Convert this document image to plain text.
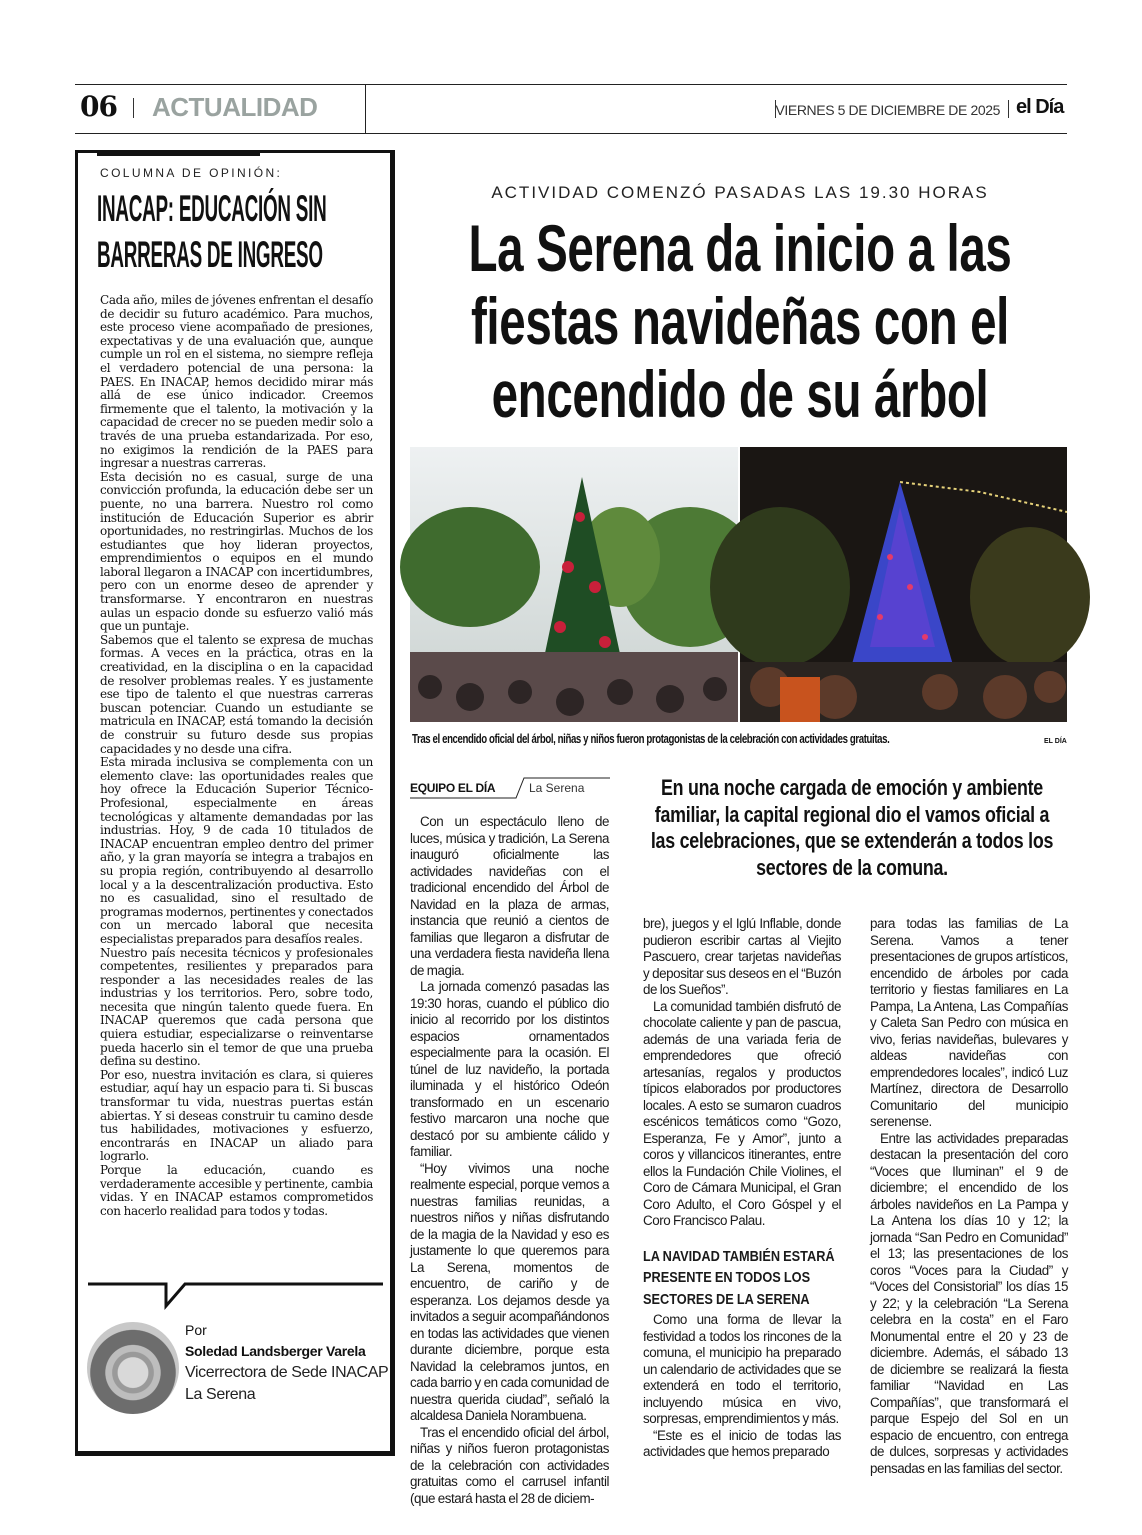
06 ACTUALIDAD	VIERNES 5 DE DICIEMBRE DE 2025 el Día
COLUMNA DE OPINIÓN:
INACAP: EDUCACIÓN SIN BARRERAS DE INGRESO

Cada año, miles de jóvenes enfrentan el desafío de decidir su futuro académico. Para muchos, este proceso viene acompañado de presiones, expectativas y de una evaluación que, aunque cumple un rol en el sistema, no siempre refleja el verdadero potencial de una persona: la PAES. En INACAP, hemos decidido mirar más allá de ese único indicador. Creemos firmemente que el talento, la motivación y la capacidad de crecer no se pueden medir solo a través de una prueba estandarizada. Por eso, no exigimos la rendición de la PAES para ingresar a nuestras carreras.

Esta decisión no es casual, surge de una convicción profunda, la educación debe ser un puente, no una barrera. Nuestro rol como institución de Educación Superior es abrir oportunidades, no restringirlas. Muchos de los estudiantes que hoy lideran proyectos, emprendimientos o equipos en el mundo laboral llegaron a INACAP con incertidumbres, pero con un enorme deseo de aprender y transformarse. Y encontraron en nuestras aulas un espacio donde su esfuerzo valió más que un puntaje.

Sabemos que el talento se expresa de muchas formas. A veces en la práctica, otras en la creatividad, en la disciplina o en la capacidad de resolver problemas reales. Y es justamente ese tipo de talento el que nuestras carreras buscan potenciar. Cuando un estudiante se matricula en INACAP, está tomando la decisión de construir su futuro desde sus propias capacidades y no desde una cifra.

Esta mirada inclusiva se complementa con un elemento clave: las oportunidades reales que hoy ofrece la Educación Superior Técnico-Profesional, especialmente en áreas tecnológicas y altamente demandadas por las industrias. Hoy, 9 de cada 10 titulados de INACAP encuentran empleo dentro del primer año, y la gran mayoría se integra a trabajos en su propia región, contribuyendo al desarrollo local y a la descentralización productiva. Esto no es casualidad, sino el resultado de programas modernos, pertinentes y conectados con un mercado laboral que necesita especialistas preparados para desafíos reales.

Nuestro país necesita técnicos y profesionales competentes, resilientes y preparados para responder a las necesidades reales de las industrias y los territorios. Pero, sobre todo, necesita que ningún talento quede fuera. En INACAP queremos que cada persona que quiera estudiar, especializarse o reinventarse pueda hacerlo sin el temor de que una prueba defina su destino.

Por eso, nuestra invitación es clara, si quieres estudiar, aquí hay un espacio para ti. Si buscas transformar tu vida, nuestras puertas están abiertas. Y si deseas construir tu camino desde tus habilidades, motivaciones y esfuerzo, encontrarás en INACAP un aliado para lograrlo.

Porque la educación, cuando es verdaderamente accesible y pertinente, cambia vidas. Y en INACAP estamos comprometidos con hacerlo realidad para todos y todas.

Por
Soledad Landsberger Varela
Vicerrectora de Sede INACAP La Serena
ACTIVIDAD COMENZÓ PASADAS LAS 19.30 HORAS
La Serena da inicio a las fiestas navideñas con el encendido de su árbol
Tras el encendido oficial del árbol, niñas y niños fueron protagonistas de la celebración con actividades gratuitas.	EL DÍA
EQUIPO EL DÍA	La Serena	En una noche cargada de emoción y ambiente familiar, la capital regional dio el vamos oficial a las celebraciones, que se extenderán a todos los sectores de la comuna.

Con un espectáculo lleno de luces, música y tradición, La Serena inauguró oficialmente las actividades navideñas con el tradicional encendido del Árbol de Navidad en la plaza de armas, instancia que reunió a cientos de familias que llegaron a disfrutar de una verdadera fiesta navideña llena de magia.

La jornada comenzó pasadas las 19:30 horas, cuando el público dio inicio al recorrido por los distintos espacios ornamentados especialmente para la ocasión. El túnel de luz navideño, la portada iluminada y el histórico Odeón transformado en un escenario festivo marcaron una noche que destacó por su ambiente cálido y familiar.

“Hoy vivimos una noche realmente especial, porque vemos a nuestras familias reunidas, a nuestros niños y niñas disfrutando de la magia de la Navidad y eso es justamente lo que queremos para La Serena, momentos de encuentro, de cariño y de esperanza. Los dejamos desde ya invitados a seguir acompañándonos en todas las actividades que vienen durante diciembre, porque esta Navidad la celebramos juntos, en cada barrio y en cada comunidad de nuestra querida ciudad”, señaló la alcaldesa Daniela Norambuena.

Tras el encendido oficial del árbol, niñas y niños fueron protagonistas de la celebración con actividades gratuitas como el carrusel infantil (que estará hasta el 28 de diciem-

bre), juegos y el Iglú Inflable, donde pudieron escribir cartas al Viejito Pascuero, crear tarjetas navideñas y depositar sus deseos en el “Buzón de los Sueños”.

La comunidad también disfrutó de chocolate caliente y pan de pascua, además de una variada feria de emprendedores que ofreció artesanías, regalos y productos típicos elaborados por productores locales. A esto se sumaron cuadros escénicos temáticos como “Gozo, Esperanza, Fe y Amor”, junto a coros y villancicos itinerantes, entre ellos la Fundación Chile Violines, el Coro de Cámara Municipal, el Gran Coro Adulto, el Coro Góspel y el Coro Francisco Palau.

LA NAVIDAD TAMBIÉN ESTARÁ PRESENTE EN TODOS LOS SECTORES DE LA SERENA

Como una forma de llevar la festividad a todos los rincones de la comuna, el municipio ha preparado un calendario de actividades que se extenderá en todo el territorio, incluyendo música en vivo, sorpresas, emprendimientos y más.

“Este es el inicio de todas las actividades que hemos preparado

para todas las familias de La Serena. Vamos a tener presentaciones de grupos artísticos, encendido de árboles por cada territorio y fiestas familiares en La Pampa, La Antena, Las Compañías y Caleta San Pedro con música en vivo, ferias navideñas, bulevares y aldeas navideñas con emprendedores locales”, indicó Luz Martínez, directora de Desarrollo Comunitario del municipio serenense.

Entre las actividades preparadas destacan la presentación del coro “Voces que Iluminan” el 9 de diciembre; el encendido de los árboles navideños en La Pampa y La Antena los días 10 y 12; la jornada “San Pedro en Comunidad” el 13; las presentaciones de los coros “Voces para la Ciudad” y “Voces del Consistorial” los días 15 y 22; y la celebración “La Serena celebra en la costa” en el Faro Monumental entre el 20 y 23 de diciembre. Además, el sábado 13 de diciembre se realizará la fiesta familiar “Navidad en Las Compañías”, que transformará el parque Espejo del Sol en un espacio de encuentro, con entrega de dulces, sorpresas y actividades pensadas en las familias del sector.
